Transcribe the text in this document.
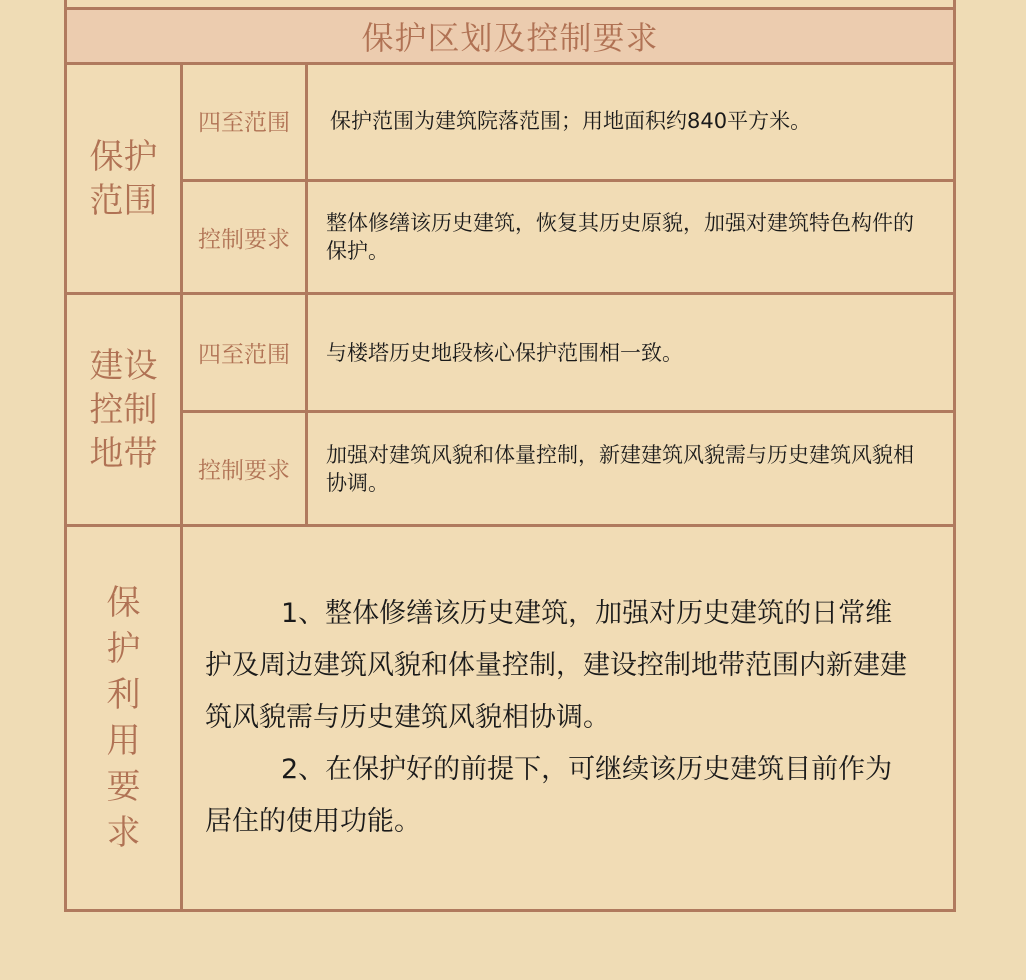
保护区划及控制要求
保护
范围
四至范围	保护范围为建筑院落范围；用地面积约840平方米。
控制要求
整体修缮该历史建筑，恢复其历史原貌，加强对建筑特色构件的保护。
建设
控制
地带
四至范围	与楼塔历史地段核心保护范围相一致。
控制要求
加强对建筑风貌和体量控制，新建建筑风貌需与历史建筑风貌相协调。
保
护
利
用
要
求

1、整体修缮该历史建筑，加强对历史建筑的日常维护及周边建筑风貌和体量控制，建设控制地带范围内新建建筑风貌需与历史建筑风貌相协调。

2、在保护好的前提下，可继续该历史建筑目前作为居住的使用功能。
